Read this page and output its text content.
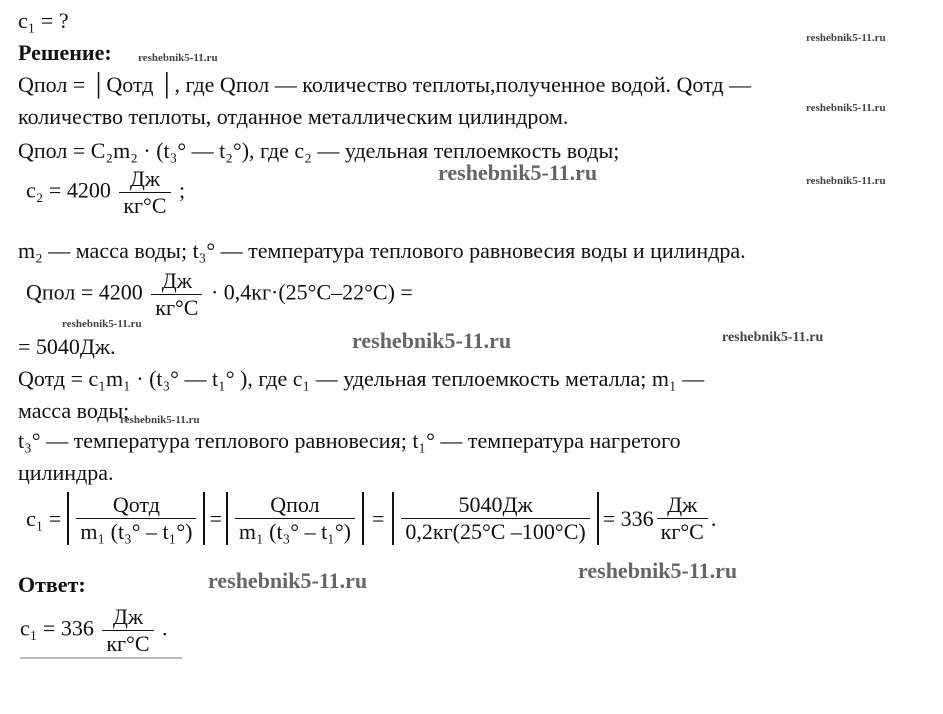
c₁ = ?
Решение:
Qпол = │Qотд │, где Qпол — количество теплоты,полученное водой. Qотд —
количество теплоты, отданное металлическим цилиндром.
Qпол = C₂m₂ · (t₃° — t₂°), где c₂ — удельная теплоемкость воды;
$c_2 = 4200 \frac{Дж}{кг^\circ C}$ ;
m₂ — масса воды; t₃° — температура теплового равновесия воды и цилиндра.
Qпол = $4200 \frac{Дж}{кг^\circ C} \cdot 0,4кг\cdot(25^\circ C-22^\circ C)$ =
= 5040Дж.
Qотд = c₁m₁ · (t₃° — t₁° ), где c₁ — удельная теплоемкость металла; m₁ —
масса воды;
t₃° — температура теплового равновесия; t₁° — температура нагретого
цилиндра.
$c_1 = \frac{\text{Qотд}}{\text{m₁ (t₃° – t₁°)}} = \frac{\text{Qпол}}{\text{m₁ (t₃° – t₁°)}} = \frac{5040Дж}{0,2кг(25^\circ C -100^\circ C)} = 336 \frac{Дж}{кг^\circ C}$ .
Ответ:
$c_1 = 336 \frac{Дж}{кг^\circ C}$ .
reshebnik5-11.ru
reshebnik5-11.ru
reshebnik5-11.ru
reshebnik5-11.ru
reshebnik5-11.ru
reshebnik5-11.ru
reshebnik5-11.ru
reshebnik5-11.ru
reshebnik5-11.ru
reshebnik5-11.ru	reshebnik5-11.ru
